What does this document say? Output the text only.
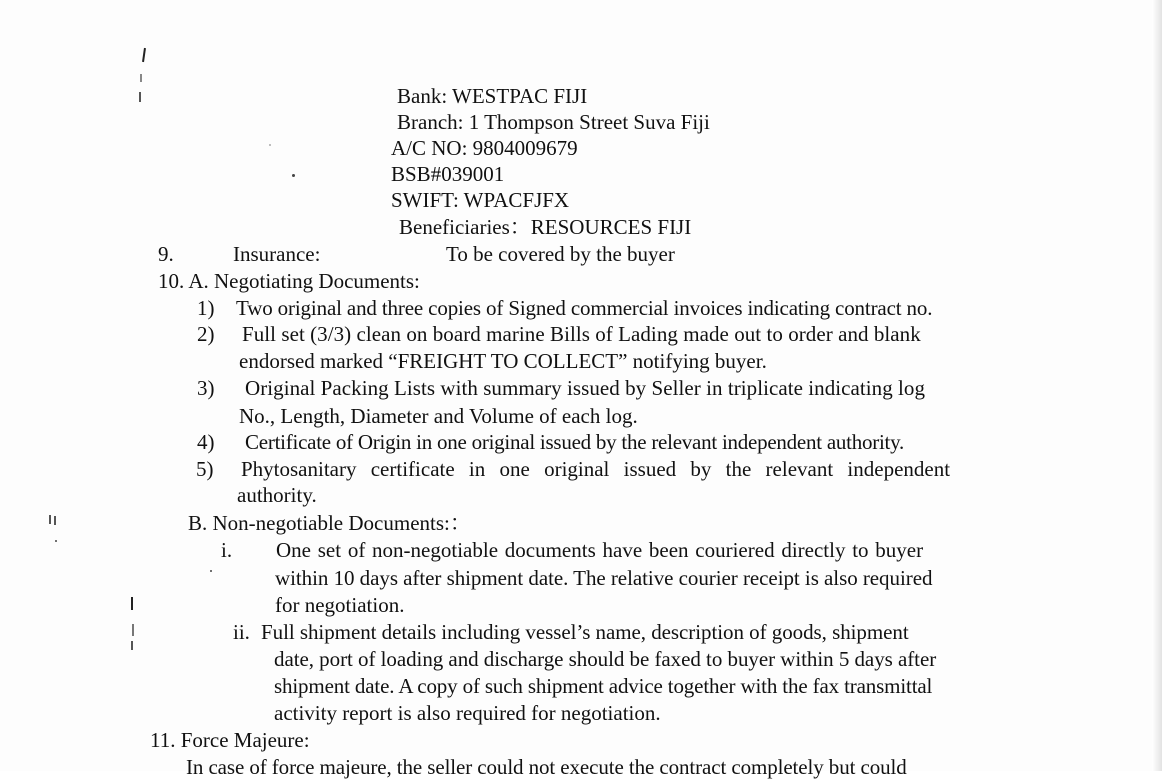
Bank: WESTPAC FIJI
Branch: 1 Thompson Street Suva Fiji
A/C NO: 9804009679
BSB#039001
SWIFT: WPACFJFX
Beneficiaries：RESOURCES FIJI
9.	Insurance:	To be covered by the buyer
10. A. Negotiating Documents:
1) Two original and three copies of Signed commercial invoices indicating contract no.
2) Full set (3/3) clean on board marine Bills of Lading made out to order and blank
endorsed marked “FREIGHT TO COLLECT” notifying buyer.
3) Original Packing Lists with summary issued by Seller in triplicate indicating log
No., Length, Diameter and Volume of each log.
4) Certificate of Origin in one original issued by the relevant independent authority.
5) Phytosanitary certificate in one original issued by the relevant independent
authority.
B. Non-negotiable Documents:：
i. One set of non-negotiable documents have been couriered directly to buyer
within 10 days after shipment date. The relative courier receipt is also required
for negotiation.
ii. Full shipment details including vessel’s name, description of goods, shipment
date, port of loading and discharge should be faxed to buyer within 5 days after
shipment date. A copy of such shipment advice together with the fax transmittal
activity report is also required for negotiation.
11. Force Majeure:
In case of force majeure, the seller could not execute the contract completely but could
